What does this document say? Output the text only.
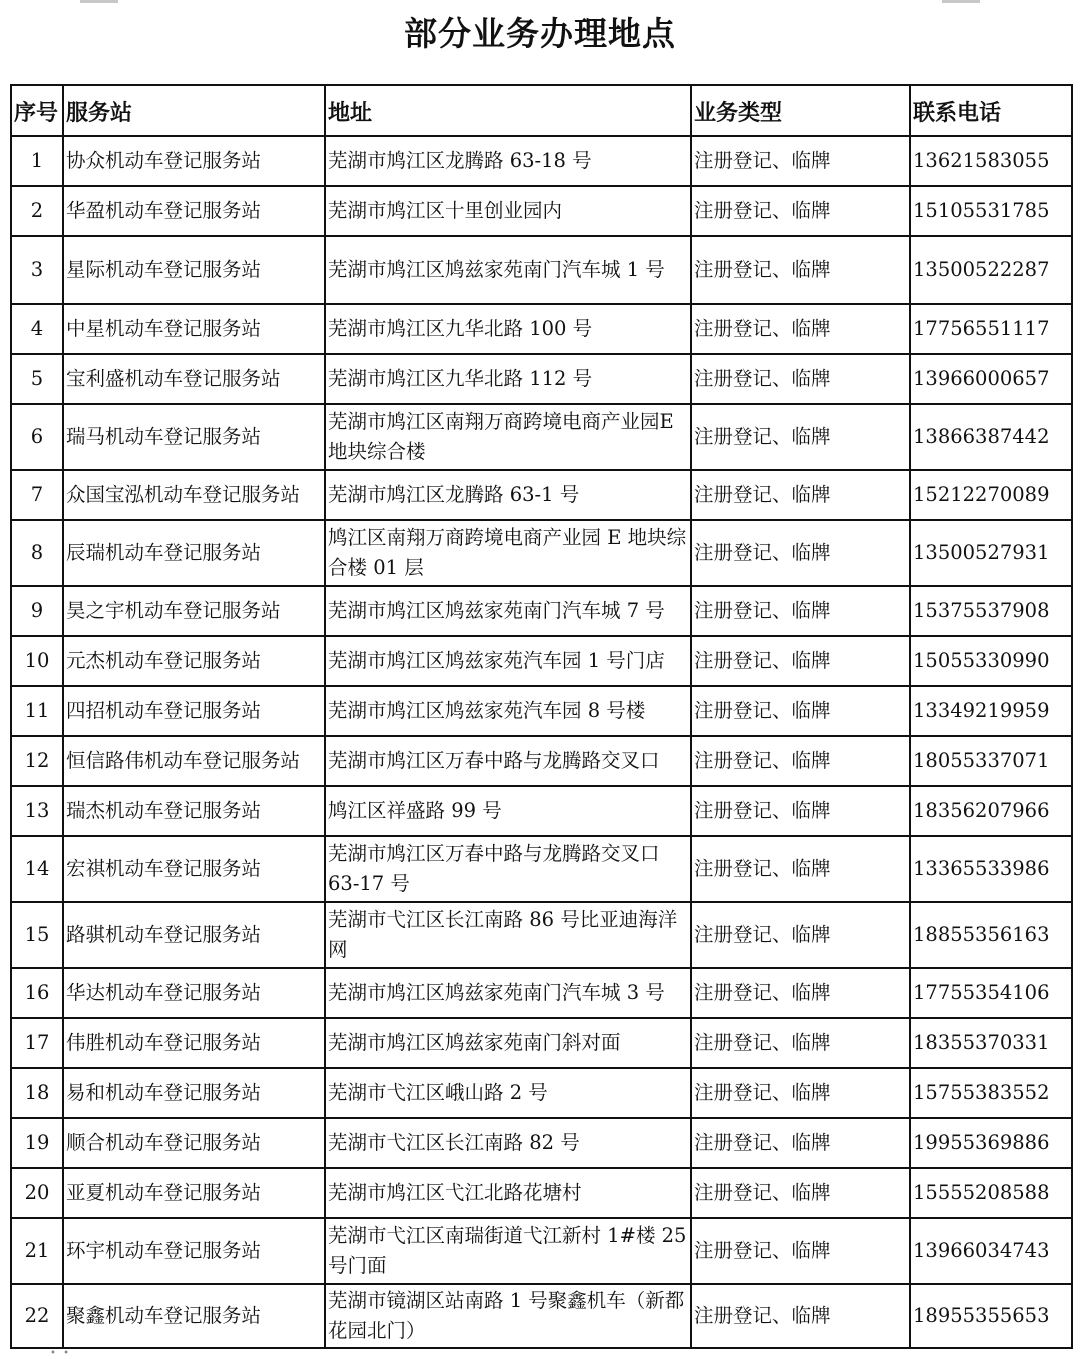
部分业务办理地点
序号	服务站	地址	业务类型	联系电话
1	协众机动车登记服务站	芜湖市鸠江区龙腾路 63-18 号	注册登记、临牌	13621583055
2	华盈机动车登记服务站	芜湖市鸠江区十里创业园内	注册登记、临牌	15105531785
3	星际机动车登记服务站	芜湖市鸠江区鸠兹家苑南门汽车城 1 号	注册登记、临牌	13500522287
4	中星机动车登记服务站	芜湖市鸠江区九华北路 100 号	注册登记、临牌	17756551117
5	宝利盛机动车登记服务站	芜湖市鸠江区九华北路 112 号	注册登记、临牌	13966000657
6	瑞马机动车登记服务站	芜湖市鸠江区南翔万商跨境电商产业园E 地块综合楼	注册登记、临牌	13866387442
7	众国宝泓机动车登记服务站	芜湖市鸠江区龙腾路 63-1 号	注册登记、临牌	15212270089
8	辰瑞机动车登记服务站	鸠江区南翔万商跨境电商产业园 E 地块综合楼 01 层	注册登记、临牌	13500527931
9	昊之宇机动车登记服务站	芜湖市鸠江区鸠兹家苑南门汽车城 7 号	注册登记、临牌	15375537908
10	元杰机动车登记服务站	芜湖市鸠江区鸠兹家苑汽车园 1 号门店	注册登记、临牌	15055330990
11	四招机动车登记服务站	芜湖市鸠江区鸠兹家苑汽车园 8 号楼	注册登记、临牌	13349219959
12	恒信路伟机动车登记服务站	芜湖市鸠江区万春中路与龙腾路交叉口	注册登记、临牌	18055337071
13	瑞杰机动车登记服务站	鸠江区祥盛路 99 号	注册登记、临牌	18356207966
14	宏祺机动车登记服务站	芜湖市鸠江区万春中路与龙腾路交叉口63-17 号	注册登记、临牌	13365533986
15	路骐机动车登记服务站	芜湖市弋江区长江南路 86 号比亚迪海洋网	注册登记、临牌	18855356163
16	华达机动车登记服务站	芜湖市鸠江区鸠兹家苑南门汽车城 3 号	注册登记、临牌	17755354106
17	伟胜机动车登记服务站	芜湖市鸠江区鸠兹家苑南门斜对面	注册登记、临牌	18355370331
18	易和机动车登记服务站	芜湖市弋江区峨山路 2 号	注册登记、临牌	15755383552
19	顺合机动车登记服务站	芜湖市弋江区长江南路 82 号	注册登记、临牌	19955369886
20	亚夏机动车登记服务站	芜湖市鸠江区弋江北路花塘村	注册登记、临牌	15555208588
21	环宇机动车登记服务站	芜湖市弋江区南瑞街道弋江新村 1#楼 25 号门面	注册登记、临牌	13966034743
22	聚鑫机动车登记服务站	芜湖市镜湖区站南路 1 号聚鑫机车（新都花园北门）	注册登记、临牌	18955355653
• •
